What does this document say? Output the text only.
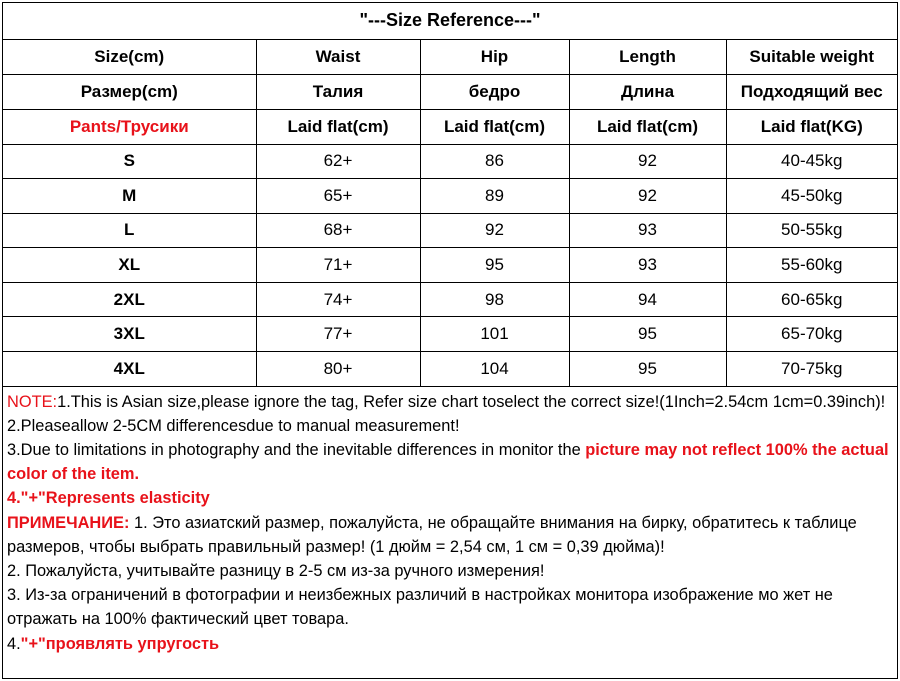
"---Size Reference---"				
Size(cm)	Waist	Hip	Length	Suitable weight
Размер(cm)	Талия	бедро	Длина	Подходящий вес
Pants/Трусики	Laid flat(cm)	Laid flat(cm)	Laid flat(cm)	Laid flat(KG)
S	62+	86	92	40-45kg
M	65+	89	92	45-50kg
L	68+	92	93	50-55kg
XL	71+	95	93	55-60kg
2XL	74+	98	94	60-65kg
3XL	77+	101	95	65-70kg
4XL	80+	104	95	70-75kg

NOTE:1.This is Asian size,please ignore the tag, Refer size chart toselect the correct size!(1Inch=2.54cm 1cm=0.39inch)!

2.Pleaseallow 2-5CM differencesdue to manual measurement!

3.Due to limitations in photography and the inevitable differences in monitor the picture may not reflect 100% the actual color of the item.

4."+"Represents elasticity

ПРИМЕЧАНИЕ: 1. Это азиатский размер, пожалуйста, не обращайте внимания на бирку, обратитесь к таблице размеров, чтобы выбрать правильный размер! (1 дюйм = 2,54 см, 1 см = 0,39 дюйма)!

2. Пожалуйста, учитывайте разницу в 2-5 см из-за ручного измерения!

3. Из-за ограничений в фотографии и неизбежных различий в настройках монитора изображение мо жет не отражать на 100% фактический цвет товара.

4."+"проявлять упругость
